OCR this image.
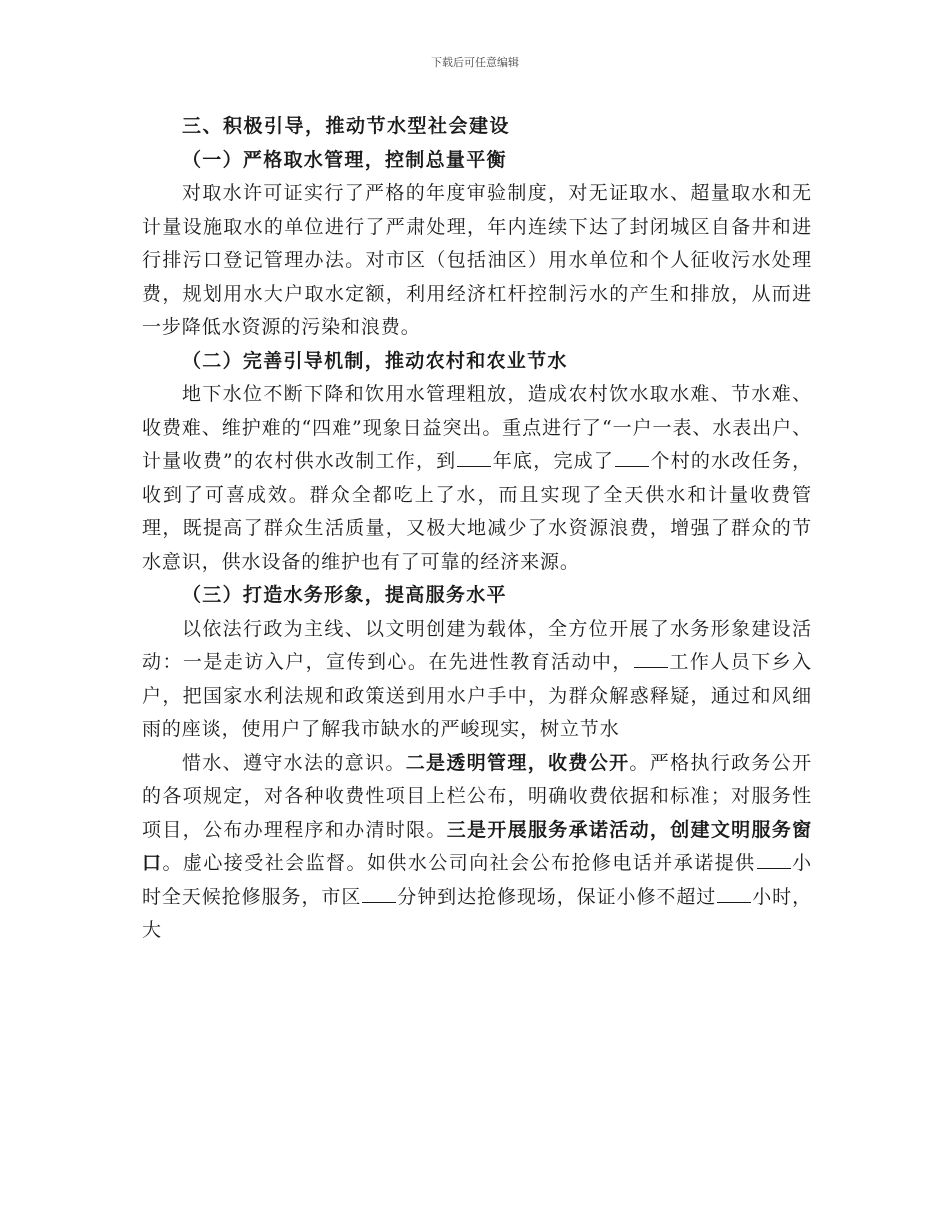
下载后可任意编辑

三、积极引导，推动节水型社会建设

（一）严格取水管理，控制总量平衡

对取水许可证实行了严格的年度审验制度，对无证取水、超量取水和无计量设施取水的单位进行了严肃处理，年内连续下达了封闭城区自备井和进行排污口登记管理办法。对市区（包括油区）用水单位和个人征收污水处理费，规划用水大户取水定额，利用经济杠杆控制污水的产生和排放，从而进一步降低水资源的污染和浪费。

（二）完善引导机制，推动农村和农业节水

地下水位不断下降和饮用水管理粗放，造成农村饮水取水难、节水难、收费难、维护难的“四难”现象日益突出。重点进行了“一户一表、水表出户、计量收费”的农村供水改制工作，到 年底，完成了 个村的水改任务，收到了可喜成效。群众全都吃上了水，而且实现了全天供水和计量收费管理，既提高了群众生活质量，又极大地减少了水资源浪费，增强了群众的节水意识，供水设备的维护也有了可靠的经济来源。

（三）打造水务形象，提高服务水平

以依法行政为主线、以文明创建为载体，全方位开展了水务形象建设活动：一是走访入户，宣传到心。在先进性教育活动中， 工作人员下乡入户，把国家水利法规和政策送到用水户手中，为群众解惑释疑，通过和风细雨的座谈，使用户了解我市缺水的严峻现实，树立节水

惜水、遵守水法的意识。二是透明管理，收费公开。严格执行政务公开的各项规定，对各种收费性项目上栏公布，明确收费依据和标准；对服务性项目，公布办理程序和办清时限。三是开展服务承诺活动，创建文明服务窗口。虚心接受社会监督。如供水公司向社会公布抢修电话并承诺提供 小时全天候抢修服务，市区 分钟到达抢修现场，保证小修不超过 小时，大
